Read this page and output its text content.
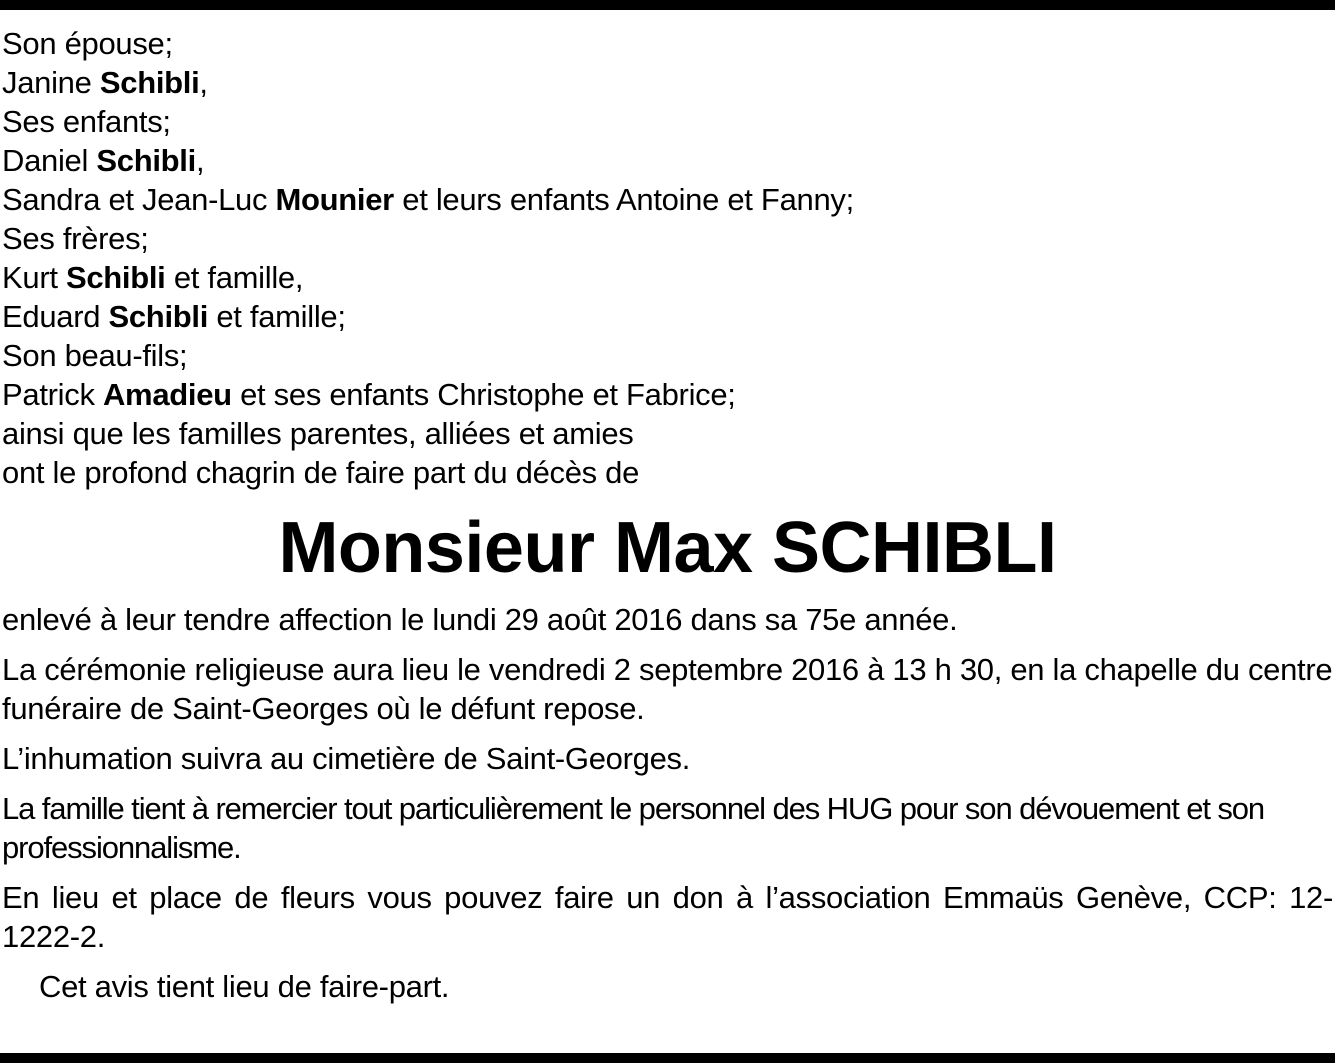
Son épouse;
Janine Schibli,
Ses enfants;
Daniel Schibli,
Sandra et Jean-Luc Mounier et leurs enfants Antoine et Fanny;
Ses frères;
Kurt Schibli et famille,
Eduard Schibli et famille;
Son beau-fils;
Patrick Amadieu et ses enfants Christophe et Fabrice;
ainsi que les familles parentes, alliées et amies
ont le profond chagrin de faire part du décès de
Monsieur Max SCHIBLI

enlevé à leur tendre affection le lundi 29 août 2016 dans sa 75e année.

La cérémonie religieuse aura lieu le vendredi 2 septembre 2016 à 13 h 30, en la chapelle du centre funéraire de Saint-Georges où le défunt repose.

L’inhumation suivra au cimetière de Saint-Georges.

La famille tient à remercier tout particulièrement le personnel des HUG pour son dévouement et son professionnalisme.

En lieu et place de fleurs vous pouvez faire un don à l’association Emmaüs Genève, CCP: 12-1222-2.

Cet avis tient lieu de faire-part.
